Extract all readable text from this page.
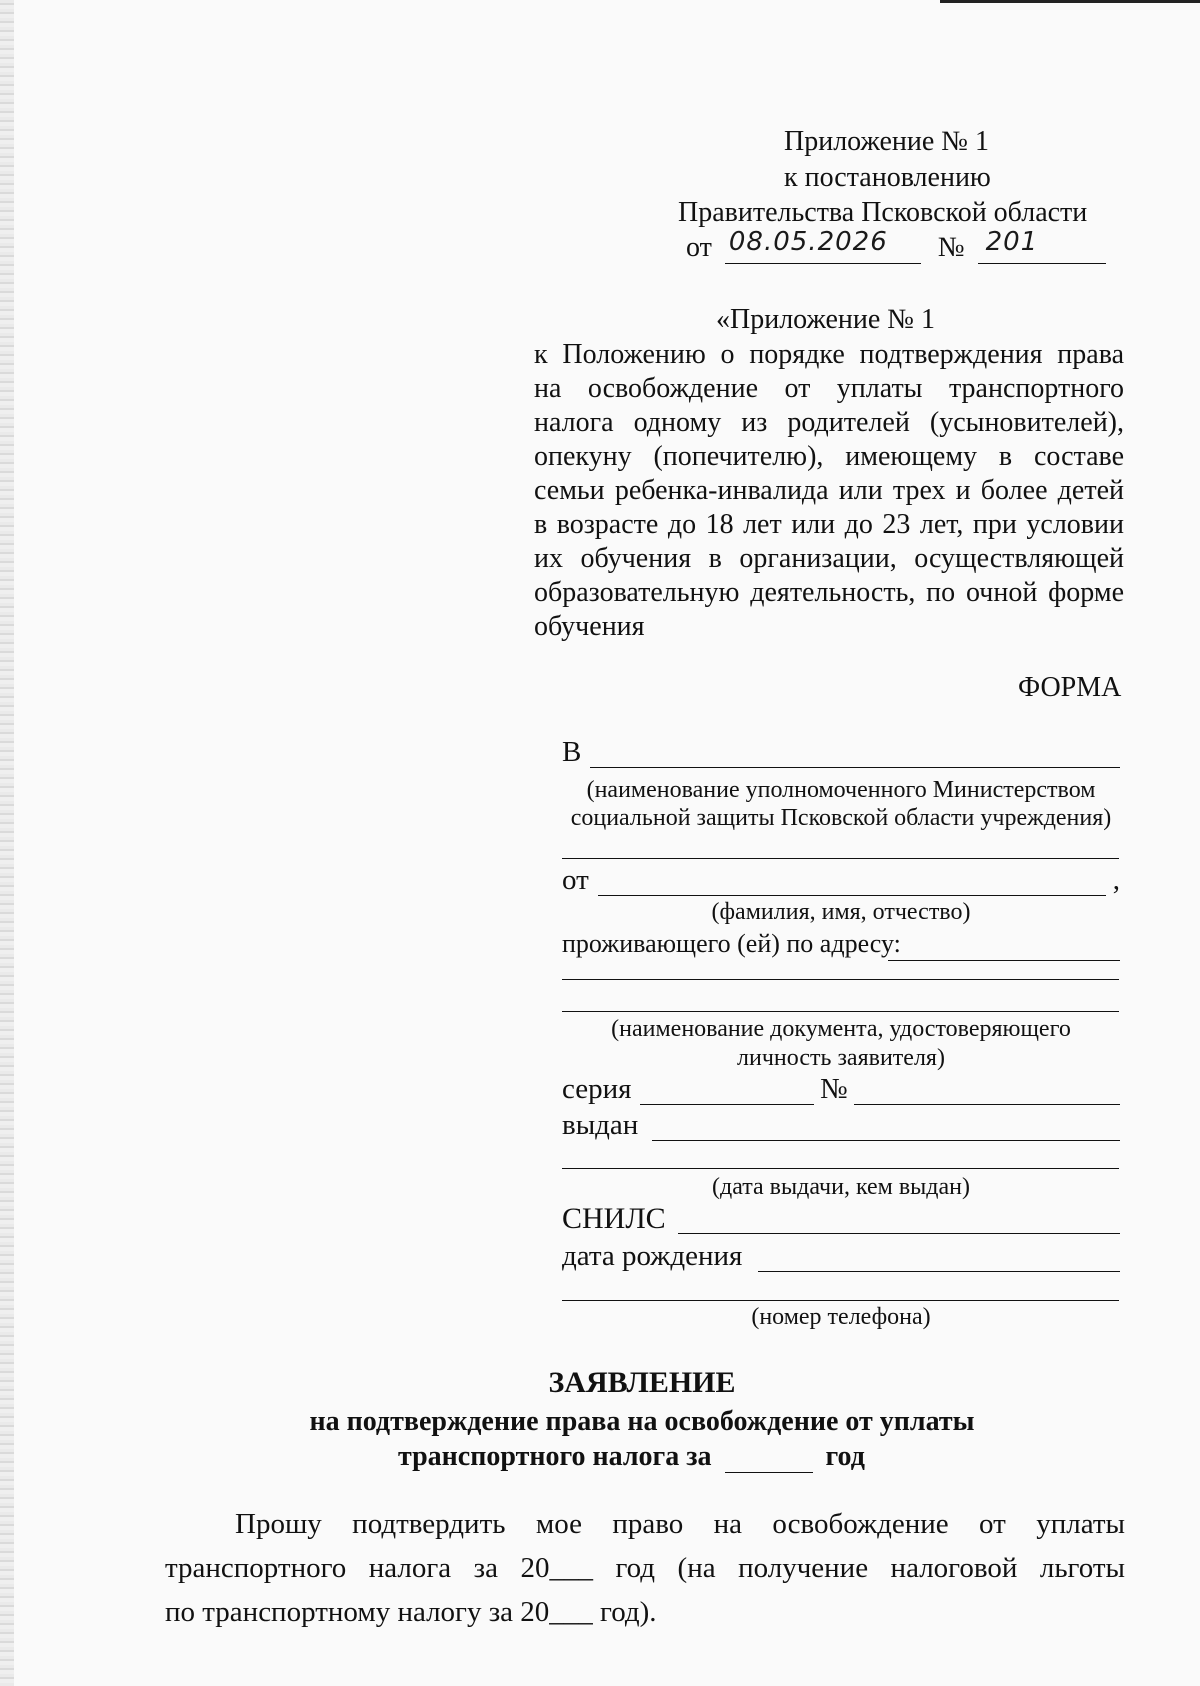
Приложение № 1
к постановлению
Правительства Псковской области
от 08.05.2026 № 201
«Приложение № 1
к Положению о порядке подтверждения права
на освобождение от уплаты транспортного
налога одному из родителей (усыновителей),
опекуну (попечителю), имеющему в составе
семьи ребенка-инвалида или трех и более детей
в возрасте до 18 лет или до 23 лет, при условии
их обучения в организации, осуществляющей
образовательную деятельность, по очной форме
обучения
ФОРМА
В
(наименование уполномоченного Министерством
социальной защиты Псковской области учреждения)
от	,
(фамилия, имя, отчество)
проживающего (ей) по адресу:
(наименование документа, удостоверяющего
личность заявителя)
серия	№
выдан
(дата выдачи, кем выдан)
СНИЛС
дата рождения
(номер телефона)
ЗАЯВЛЕНИЕ
на подтверждение права на освобождение от уплаты
транспортного налога за	год
Прошу подтвердить мое право на освобождение от уплаты
транспортного налога за 20___ год (на получение налоговой льготы
по транспортному налогу за 20___ год).
